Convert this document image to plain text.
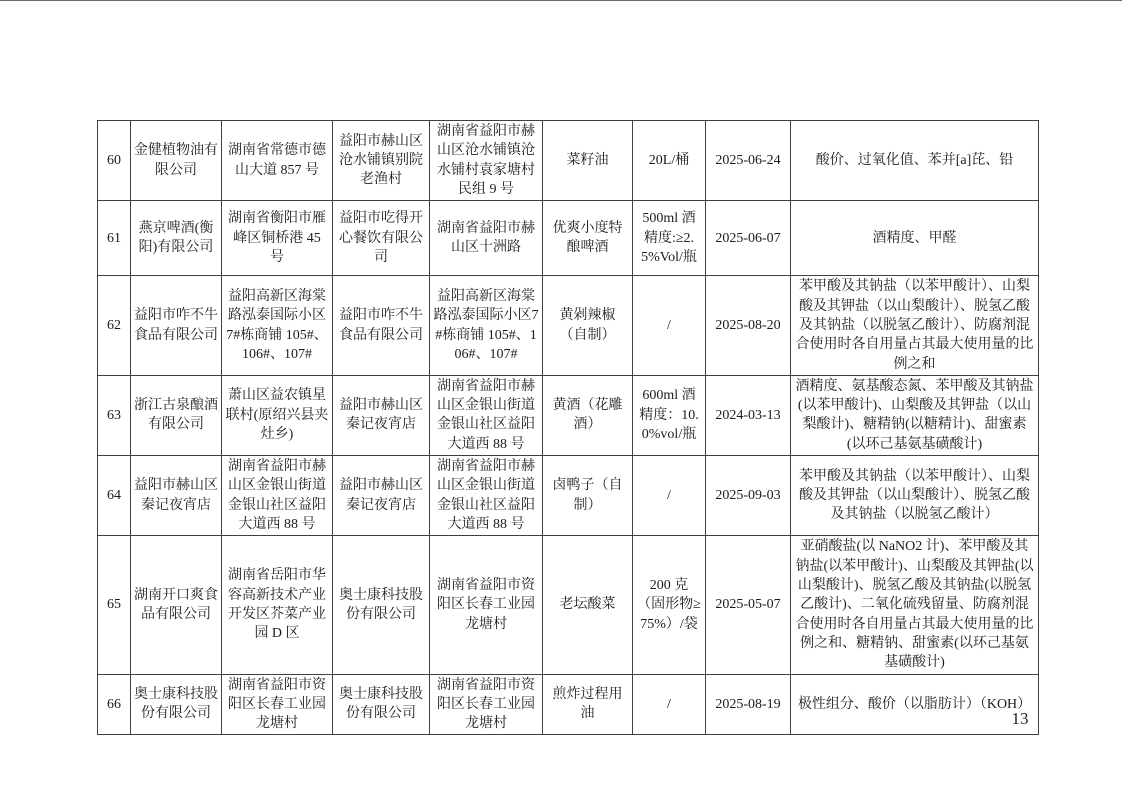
60	金健植物油有限公司	湖南省常德市德山大道 857 号	益阳市赫山区沧水铺镇别院老渔村	湖南省益阳市赫山区沧水铺镇沧水铺村袁家塘村民组 9 号	菜籽油	20L/桶	2025-06-24	酸价、过氧化值、苯并[a]芘、铅
61	燕京啤酒(衡阳)有限公司	湖南省衡阳市雁峰区铜桥港 45 号	益阳市吃得开心餐饮有限公司	湖南省益阳市赫山区十洲路	优爽小度特酿啤酒	500ml 酒精度:≥2.5%Vol/瓶	2025-06-07	酒精度、甲醛
62	益阳市咋不牛食品有限公司	益阳高新区海棠路泓泰国际小区7#栋商铺 105#、106#、107#	益阳市咋不牛食品有限公司	益阳高新区海棠路泓泰国际小区7#栋商铺 105#、106#、107#	黄剁辣椒（自制）	/	2025-08-20	苯甲酸及其钠盐（以苯甲酸计）、山梨酸及其钾盐（以山梨酸计）、脱氢乙酸及其钠盐（以脱氢乙酸计）、防腐剂混合使用时各自用量占其最大使用量的比例之和
63	浙江古泉酿酒有限公司	萧山区益农镇星联村(原绍兴县夹灶乡)	益阳市赫山区秦记夜宵店	湖南省益阳市赫山区金银山街道金银山社区益阳大道西 88 号	黄酒（花雕酒）	600ml 酒精度：10.0%vol/瓶	2024-03-13	酒精度、氨基酸态氮、苯甲酸及其钠盐(以苯甲酸计)、山梨酸及其钾盐（以山梨酸计)、糖精钠(以糖精计)、甜蜜素(以环己基氨基磺酸计)
64	益阳市赫山区秦记夜宵店	湖南省益阳市赫山区金银山街道金银山社区益阳大道西 88 号	益阳市赫山区秦记夜宵店	湖南省益阳市赫山区金银山街道金银山社区益阳大道西 88 号	卤鸭子（自制）	/	2025-09-03	苯甲酸及其钠盐（以苯甲酸计）、山梨酸及其钾盐（以山梨酸计）、脱氢乙酸及其钠盐（以脱氢乙酸计）
65	湖南开口爽食品有限公司	湖南省岳阳市华容高新技术产业开发区芥菜产业园 D 区	奥士康科技股份有限公司	湖南省益阳市资阳区长春工业园龙塘村	老坛酸菜	200 克（固形物≥75%）/袋	2025-05-07	亚硝酸盐(以 NaNO2 计)、苯甲酸及其钠盐(以苯甲酸计)、山梨酸及其钾盐(以山梨酸计)、脱氢乙酸及其钠盐(以脱氢乙酸计)、二氧化硫残留量、防腐剂混合使用时各自用量占其最大使用量的比例之和、糖精钠、甜蜜素(以环己基氨基磺酸计)
66	奥士康科技股份有限公司	湖南省益阳市资阳区长春工业园龙塘村	奥士康科技股份有限公司	湖南省益阳市资阳区长春工业园龙塘村	煎炸过程用油	/	2025-08-19	极性组分、酸价（以脂肪计）（KOH）
13
